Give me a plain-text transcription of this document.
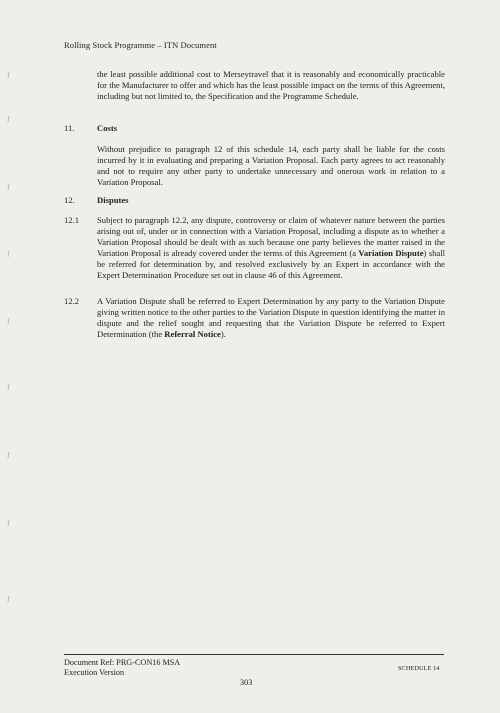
Rolling Stock Programme – ITN Document

the least possible additional cost to Merseytravel that it is reasonably and economically practicable for the Manufacturer to offer and which has the least possible impact on the terms of this Agreement, including but not limited to, the Specification and the Programme Schedule.

11.	Costs

Without prejudice to paragraph 12 of this schedule 14, each party shall be liable for the costs incurred by it in evaluating and preparing a Variation Proposal. Each party agrees to act reasonably and not to require any other party to undertake unnecessary and onerous work in relation to a Variation Proposal.

12.	Disputes
12.1 Subject to paragraph 12.2, any dispute, controversy or claim of whatever nature between the parties arising out of, under or in connection with a Variation Proposal, including a dispute as to whether a Variation Proposal should be dealt with as such because one party believes the matter raised in the Variation Proposal is already covered under the terms of this Agreement (a Variation Dispute) shall be referred for determination by, and resolved exclusively by an Expert in accordance with the Expert Determination Procedure set out in clause 46 of this Agreement.

12.2 A Variation Dispute shall be referred to Expert Determination by any party to the Variation Dispute giving written notice to the other parties to the Variation Dispute in question identifying the matter in dispute and the relief sought and requesting that the Variation Dispute be referred to Expert Determination (the Referral Notice).

Document Ref: PRG-CON16 MSA
Execution Version	SCHEDULE 14
303
